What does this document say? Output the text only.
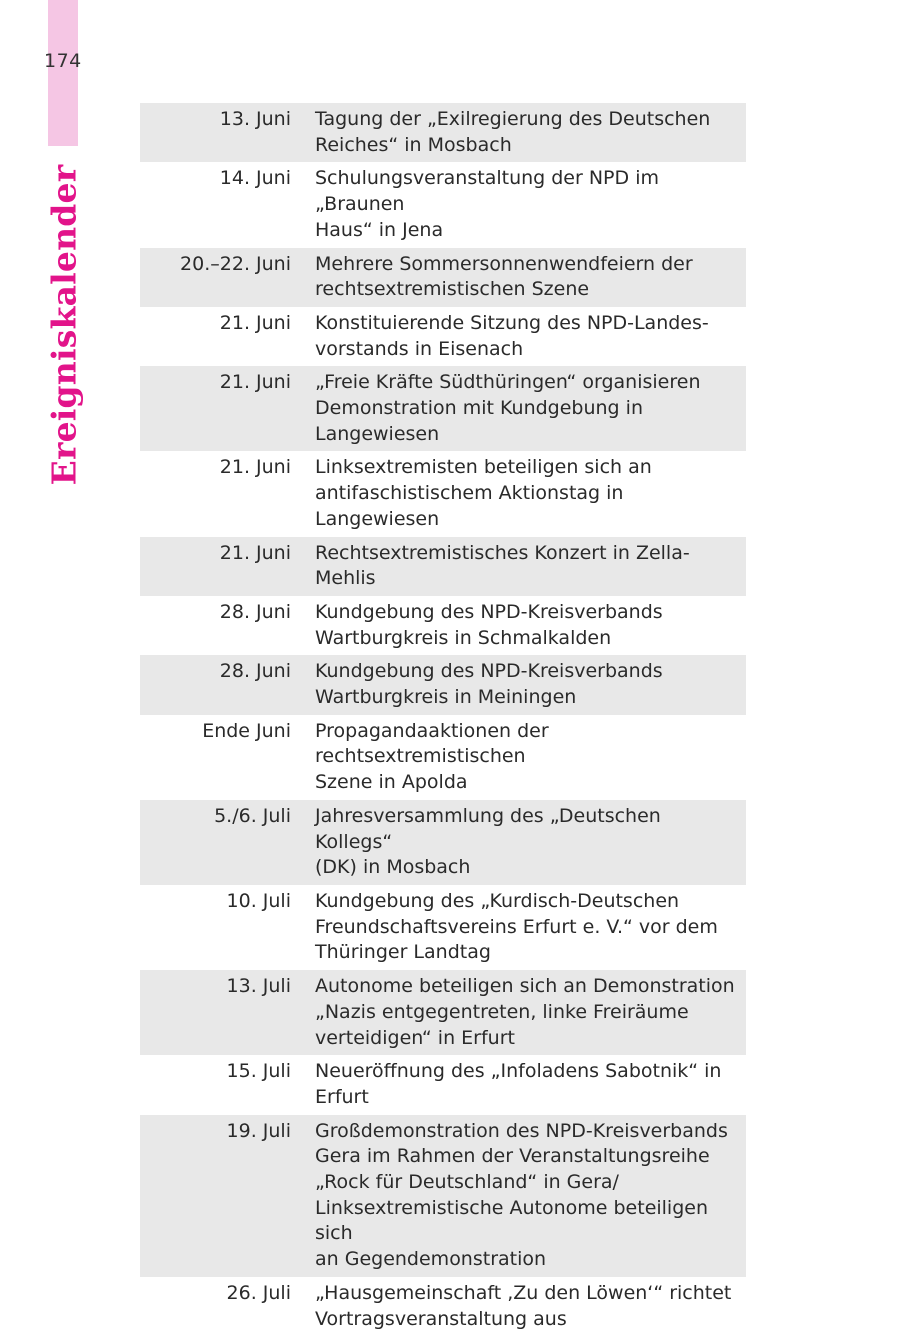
174
Ereigniskalender
13. Juni	Tagung der „Exilregierung des Deutschen
Reiches“ in Mosbach
14. Juni	Schulungsveranstaltung der NPD im „Braunen
Haus“ in Jena
20.–22. Juni	Mehrere Sommersonnenwendfeiern der
rechtsextremistischen Szene
21. Juni	Konstituierende Sitzung des NPD-Landes-
vorstands in Eisenach
21. Juni	„Freie Kräfte Südthüringen“ organisieren
Demonstration mit Kundgebung in
Langewiesen
21. Juni	Linksextremisten beteiligen sich an
antifaschistischem Aktionstag in Langewiesen
21. Juni	Rechtsextremistisches Konzert in Zella-Mehlis
28. Juni	Kundgebung des NPD-Kreisverbands
Wartburgkreis in Schmalkalden
28. Juni	Kundgebung des NPD-Kreisverbands
Wartburgkreis in Meiningen
Ende Juni	Propagandaaktionen der rechtsextremistischen
Szene in Apolda
5./6. Juli	Jahresversammlung des „Deutschen Kollegs“
(DK) in Mosbach
10. Juli	Kundgebung des „Kurdisch-Deutschen
Freundschaftsvereins Erfurt e. V.“ vor dem
Thüringer Landtag
13. Juli	Autonome beteiligen sich an Demonstration
„Nazis entgegentreten, linke Freiräume
verteidigen“ in Erfurt
15. Juli	Neueröffnung des „Infoladens Sabotnik“ in
Erfurt
19. Juli	Großdemonstration des NPD-Kreisverbands
Gera im Rahmen der Veranstaltungsreihe
„Rock für Deutschland“ in Gera/
Linksextremistische Autonome beteiligen sich
an Gegendemonstration
26. Juli	„Hausgemeinschaft ‚Zu den Löwen‘“ richtet
Vortragsveranstaltung aus
